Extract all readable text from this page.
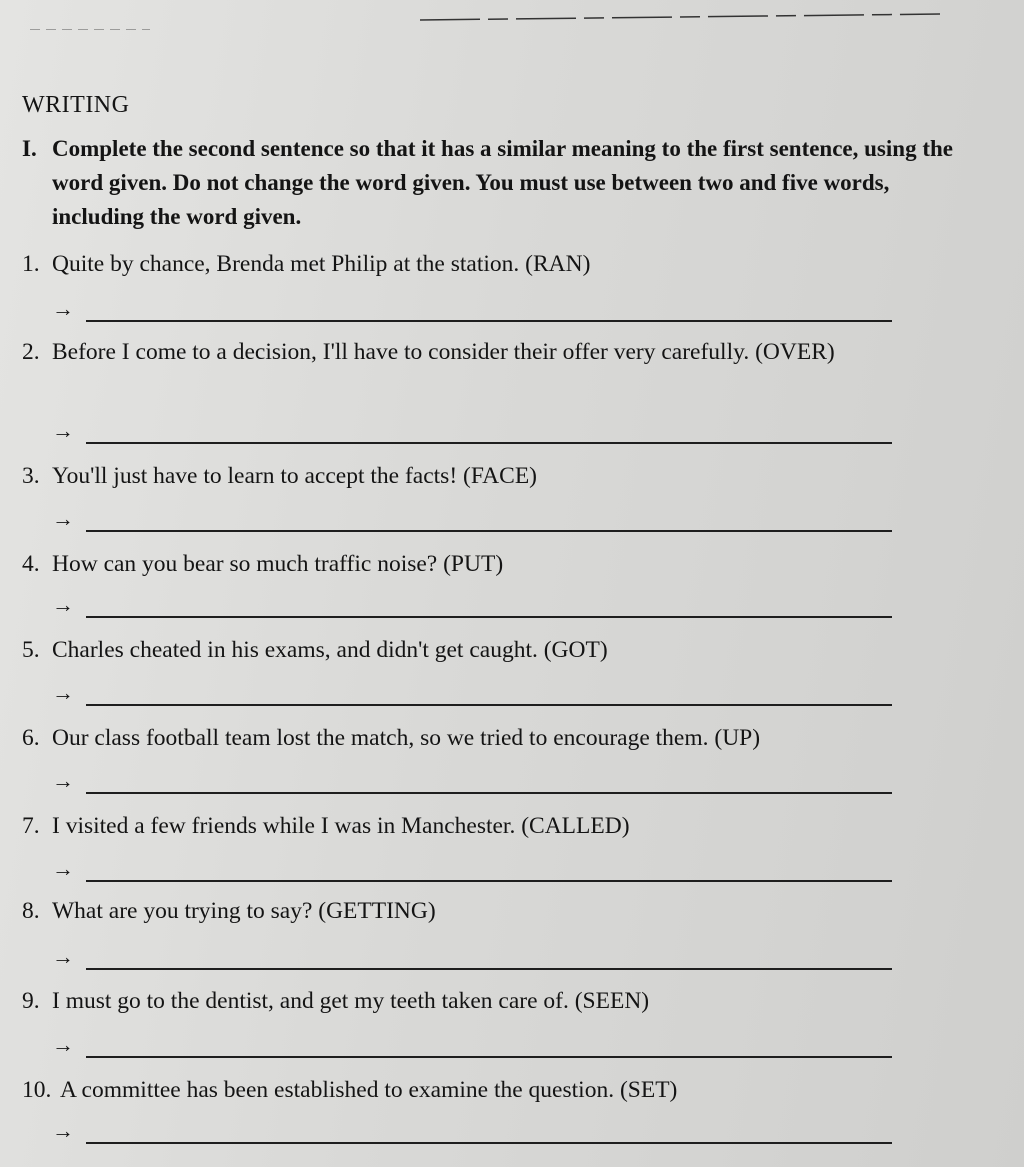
WRITING
I. Complete the second sentence so that it has a similar meaning to the first sentence, using the word given. Do not change the word given. You must use between two and five words, including the word given.
1. Quite by chance, Brenda met Philip at the station. (RAN)
→
2. Before I come to a decision, I'll have to consider their offer very carefully. (OVER)
→
3. You'll just have to learn to accept the facts! (FACE)
→
4. How can you bear so much traffic noise? (PUT)
→
5. Charles cheated in his exams, and didn't get caught. (GOT)
→
6. Our class football team lost the match, so we tried to encourage them. (UP)
→
7. I visited a few friends while I was in Manchester. (CALLED)
→
8. What are you trying to say? (GETTING)
→
9. I must go to the dentist, and get my teeth taken care of. (SEEN)
→
10. A committee has been established to examine the question. (SET)
→
